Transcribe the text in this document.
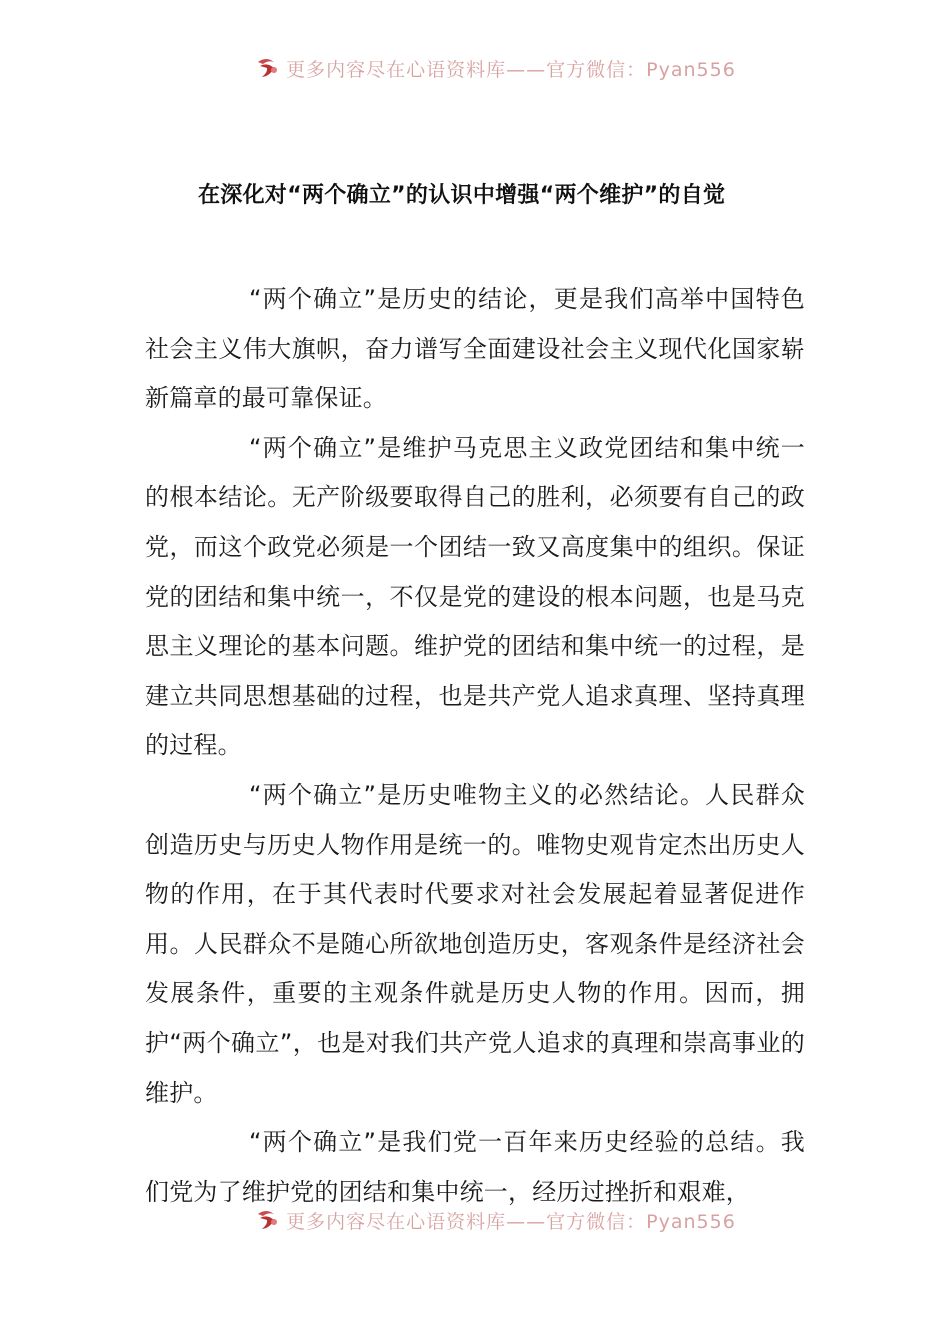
更多内容尽在心语资料库——官方微信：Pyan556
在深化对“两个确立”的认识中增强“两个维护”的自觉

“两个确立”是历史的结论，更是我们高举中国特色社会主义伟大旗帜，奋力谱写全面建设社会主义现代化国家崭新篇章的最可靠保证。

“两个确立”是维护马克思主义政党团结和集中统一的根本结论。无产阶级要取得自己的胜利，必须要有自己的政党，而这个政党必须是一个团结一致又高度集中的组织。保证党的团结和集中统一，不仅是党的建设的根本问题，也是马克思主义理论的基本问题。维护党的团结和集中统一的过程，是建立共同思想基础的过程，也是共产党人追求真理、坚持真理的过程。

“两个确立”是历史唯物主义的必然结论。人民群众创造历史与历史人物作用是统一的。唯物史观肯定杰出历史人物的作用，在于其代表时代要求对社会发展起着显著促进作用。人民群众不是随心所欲地创造历史，客观条件是经济社会发展条件，重要的主观条件就是历史人物的作用。因而，拥护“两个确立”，也是对我们共产党人追求的真理和崇高事业的维护。

“两个确立”是我们党一百年来历史经验的总结。我们党为了维护党的团结和集中统一，经历过挫折和艰难，

更多内容尽在心语资料库——官方微信：Pyan556
